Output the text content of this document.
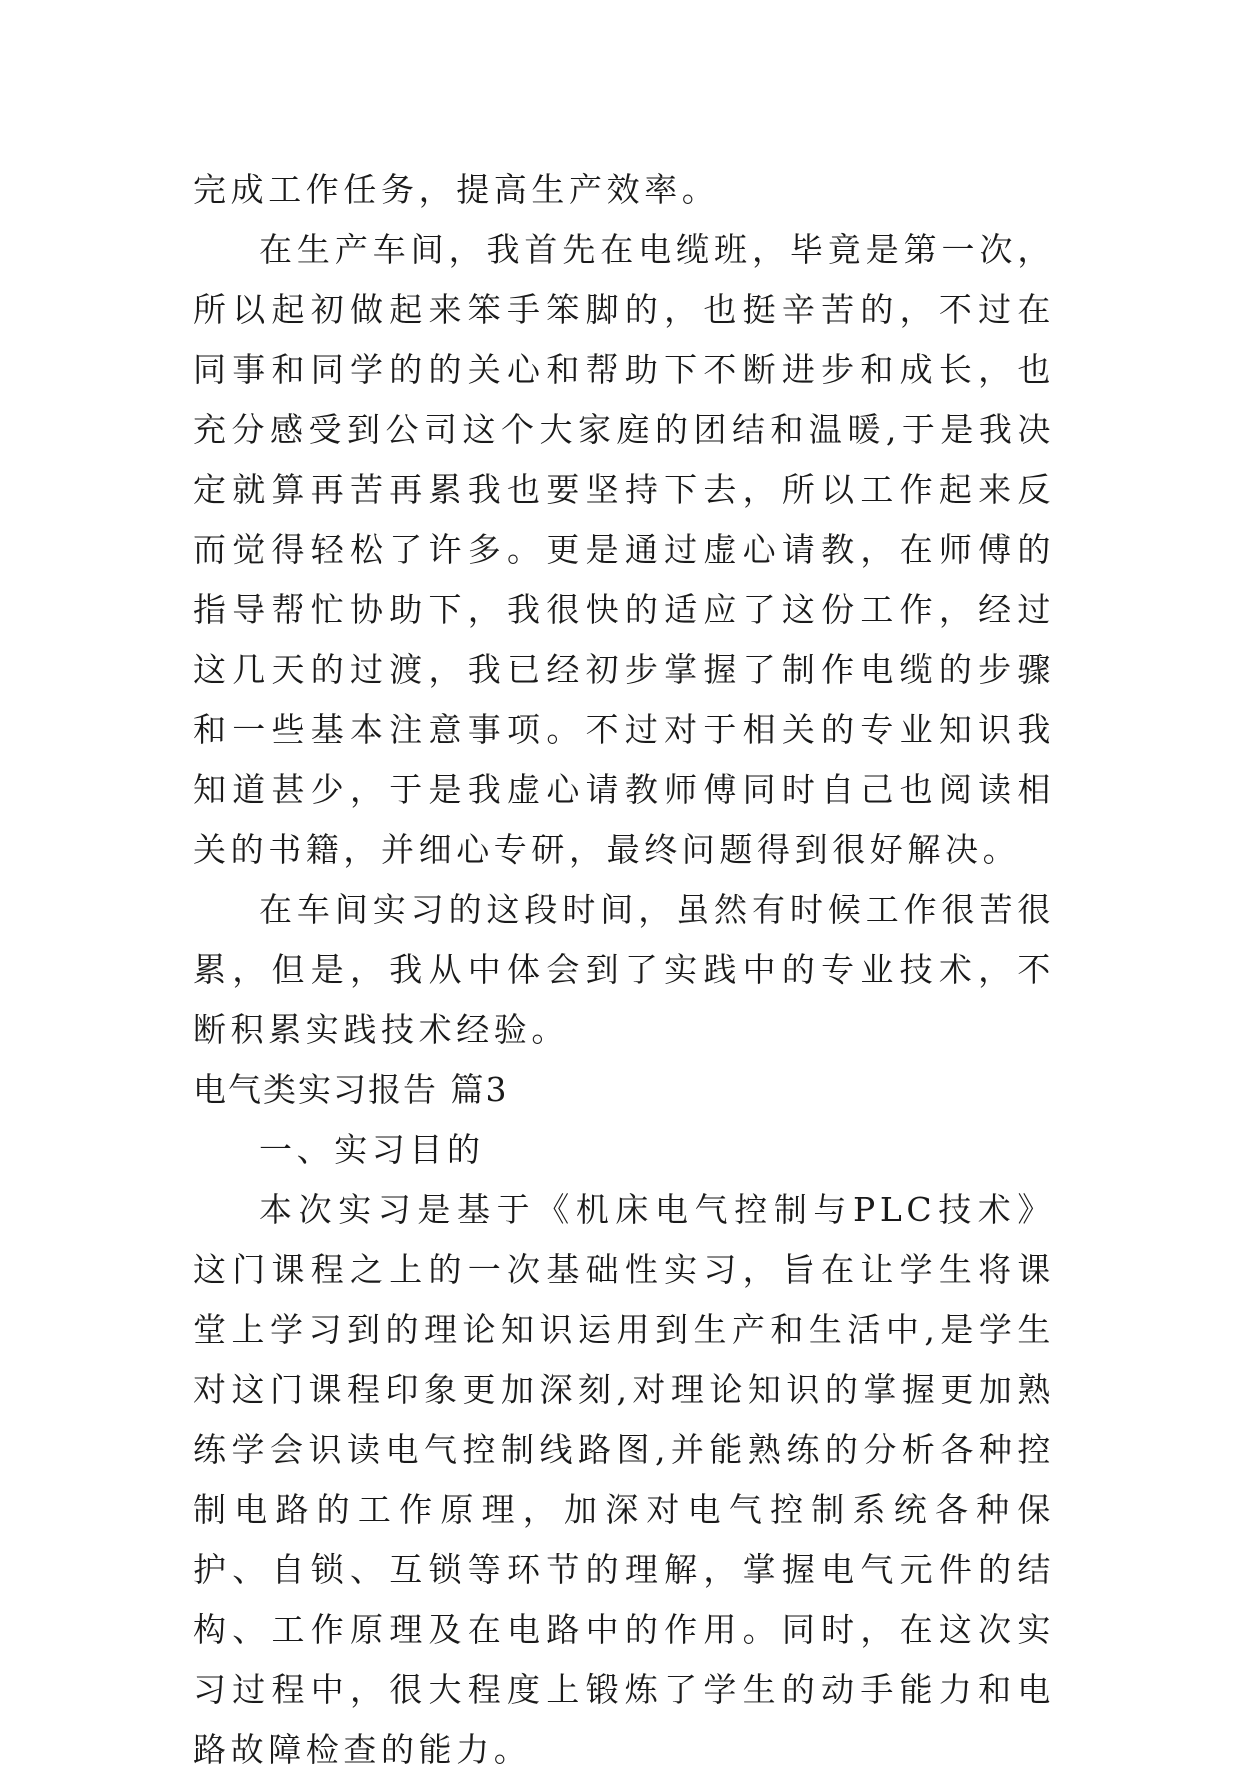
完成工作任务，提高生产效率。

在生产车间，我首先在电缆班，毕竟是第一次，所以起初做起来笨手笨脚的，也挺辛苦的，不过在同事和同学的的关心和帮助下不断进步和成长，也充分感受到公司这个大家庭的团结和温暖,于是我决定就算再苦再累我也要坚持下去，所以工作起来反而觉得轻松了许多。更是通过虚心请教，在师傅的指导帮忙协助下，我很快的适应了这份工作，经过这几天的过渡，我已经初步掌握了制作电缆的步骤和一些基本注意事项。不过对于相关的专业知识我知道甚少，于是我虚心请教师傅同时自己也阅读相关的书籍，并细心专研，最终问题得到很好解决。

在车间实习的这段时间，虽然有时候工作很苦很累，但是，我从中体会到了实践中的专业技术，不断积累实践技术经验。

电气类实习报告 篇3

一、实习目的

本次实习是基于《机床电气控制与PLC技术》这门课程之上的一次基础性实习，旨在让学生将课堂上学习到的理论知识运用到生产和生活中,是学生对这门课程印象更加深刻,对理论知识的掌握更加熟练学会识读电气控制线路图,并能熟练的分析各种控制电路的工作原理，加深对电气控制系统各种保护、自锁、互锁等环节的理解，掌握电气元件的结构、工作原理及在电路中的作用。同时，在这次实习过程中，很大程度上锻炼了学生的动手能力和电路故障检查的能力。
